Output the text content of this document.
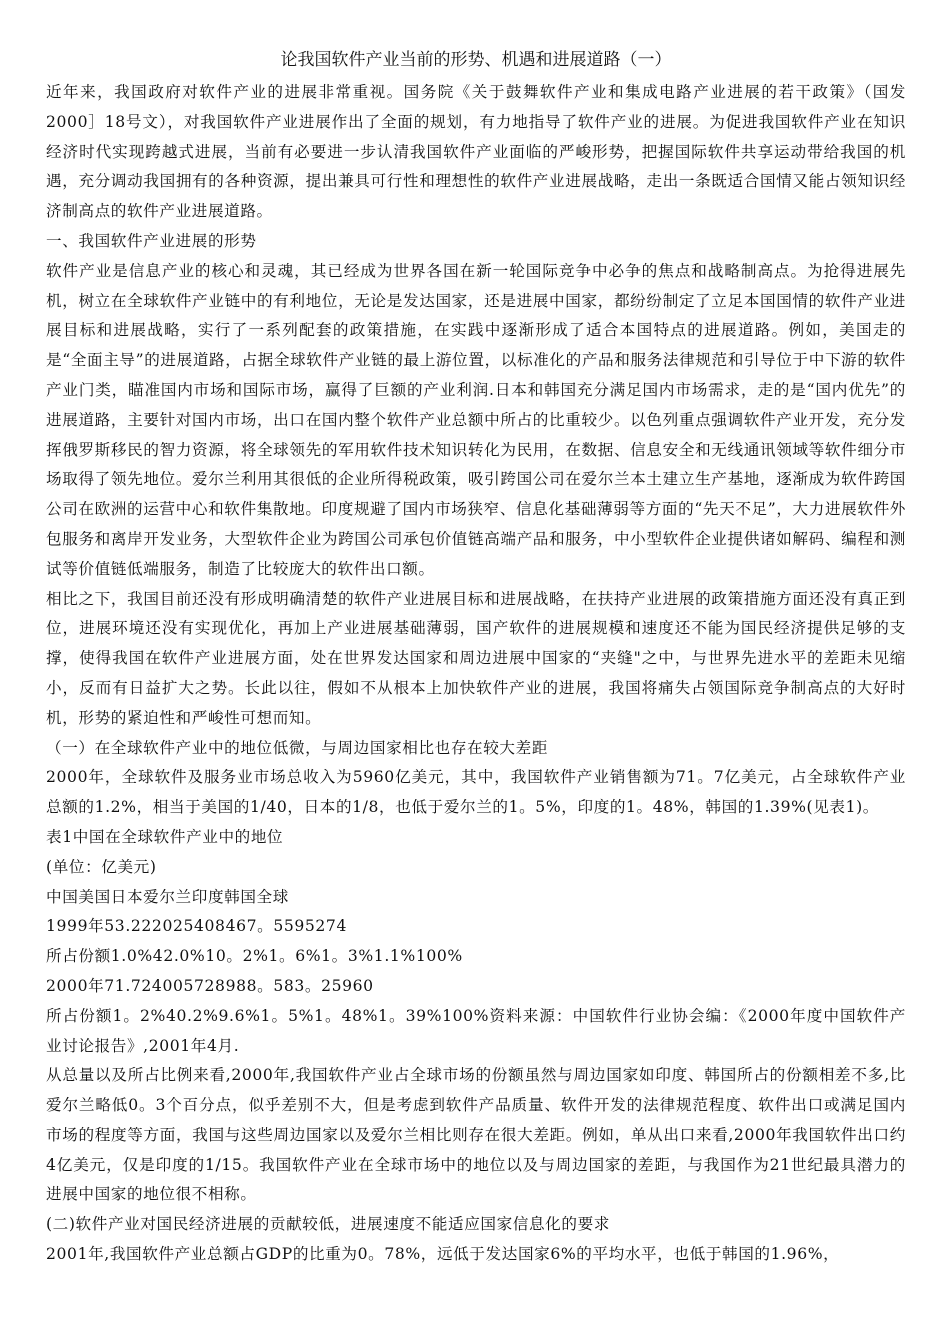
论我国软件产业当前的形势、机遇和进展道路（一）

近年来，我国政府对软件产业的进展非常重视。国务院《关于鼓舞软件产业和集成电路产业进展的若干政策》（国发2000］18号文），对我国软件产业进展作出了全面的规划，有力地指导了软件产业的进展。为促进我国软件产业在知识经济时代实现跨越式进展，当前有必要进一步认清我国软件产业面临的严峻形势，把握国际软件共享运动带给我国的机遇，充分调动我国拥有的各种资源，提出兼具可行性和理想性的软件产业进展战略，走出一条既适合国情又能占领知识经济制高点的软件产业进展道路。

一、我国软件产业进展的形势

软件产业是信息产业的核心和灵魂，其已经成为世界各国在新一轮国际竞争中必争的焦点和战略制高点。为抢得进展先机，树立在全球软件产业链中的有利地位，无论是发达国家，还是进展中国家，都纷纷制定了立足本国国情的软件产业进展目标和进展战略，实行了一系列配套的政策措施，在实践中逐渐形成了适合本国特点的进展道路。例如，美国走的是“全面主导”的进展道路，占据全球软件产业链的最上游位置，以标准化的产品和服务法律规范和引导位于中下游的软件产业门类，瞄准国内市场和国际市场，赢得了巨额的产业利润.日本和韩国充分满足国内市场需求，走的是“国内优先”的进展道路，主要针对国内市场，出口在国内整个软件产业总额中所占的比重较少。以色列重点强调软件产业开发，充分发挥俄罗斯移民的智力资源，将全球领先的军用软件技术知识转化为民用，在数据、信息安全和无线通讯领域等软件细分市场取得了领先地位。爱尔兰利用其很低的企业所得税政策，吸引跨国公司在爱尔兰本土建立生产基地，逐渐成为软件跨国公司在欧洲的运营中心和软件集散地。印度规避了国内市场狭窄、信息化基础薄弱等方面的“先天不足”，大力进展软件外包服务和离岸开发业务，大型软件企业为跨国公司承包价值链高端产品和服务，中小型软件企业提供诸如解码、编程和测试等价值链低端服务，制造了比较庞大的软件出口额。

相比之下，我国目前还没有形成明确清楚的软件产业进展目标和进展战略，在扶持产业进展的政策措施方面还没有真正到位，进展环境还没有实现优化，再加上产业进展基础薄弱，国产软件的进展规模和速度还不能为国民经济提供足够的支撑，使得我国在软件产业进展方面，处在世界发达国家和周边进展中国家的“夹缝"之中，与世界先进水平的差距未见缩小，反而有日益扩大之势。长此以往，假如不从根本上加快软件产业的进展，我国将痛失占领国际竞争制高点的大好时机，形势的紧迫性和严峻性可想而知。

（一）在全球软件产业中的地位低微，与周边国家相比也存在较大差距

2000年，全球软件及服务业市场总收入为5960亿美元，其中，我国软件产业销售额为71。7亿美元，占全球软件产业总额的1.2%，相当于美国的1/40，日本的1/8，也低于爱尔兰的1。5%，印度的1。48%，韩国的1.39%(见表1)。

表1中国在全球软件产业中的地位

(单位：亿美元)

中国美国日本爱尔兰印度韩国全球

1999年53.222025408467。5595274

所占份额1.0%42.0%10。2%1。6%1。3%1.1%100%

2000年71.724005728988。583。25960

所占份额1。2%40.2%9.6%1。5%1。48%1。39%100%资料来源：中国软件行业协会编：《2000年度中国软件产业讨论报告》,2001年4月.

从总量以及所占比例来看,2000年,我国软件产业占全球市场的份额虽然与周边国家如印度、韩国所占的份额相差不多,比爱尔兰略低0。3个百分点，似乎差别不大，但是考虑到软件产品质量、软件开发的法律规范程度、软件出口或满足国内市场的程度等方面，我国与这些周边国家以及爱尔兰相比则存在很大差距。例如，单从出口来看,2000年我国软件出口约4亿美元，仅是印度的1/15。我国软件产业在全球市场中的地位以及与周边国家的差距，与我国作为21世纪最具潜力的进展中国家的地位很不相称。

(二)软件产业对国民经济进展的贡献较低，进展速度不能适应国家信息化的要求

2001年,我国软件产业总额占GDP的比重为0。78%，远低于发达国家6%的平均水平，也低于韩国的1.96%，
